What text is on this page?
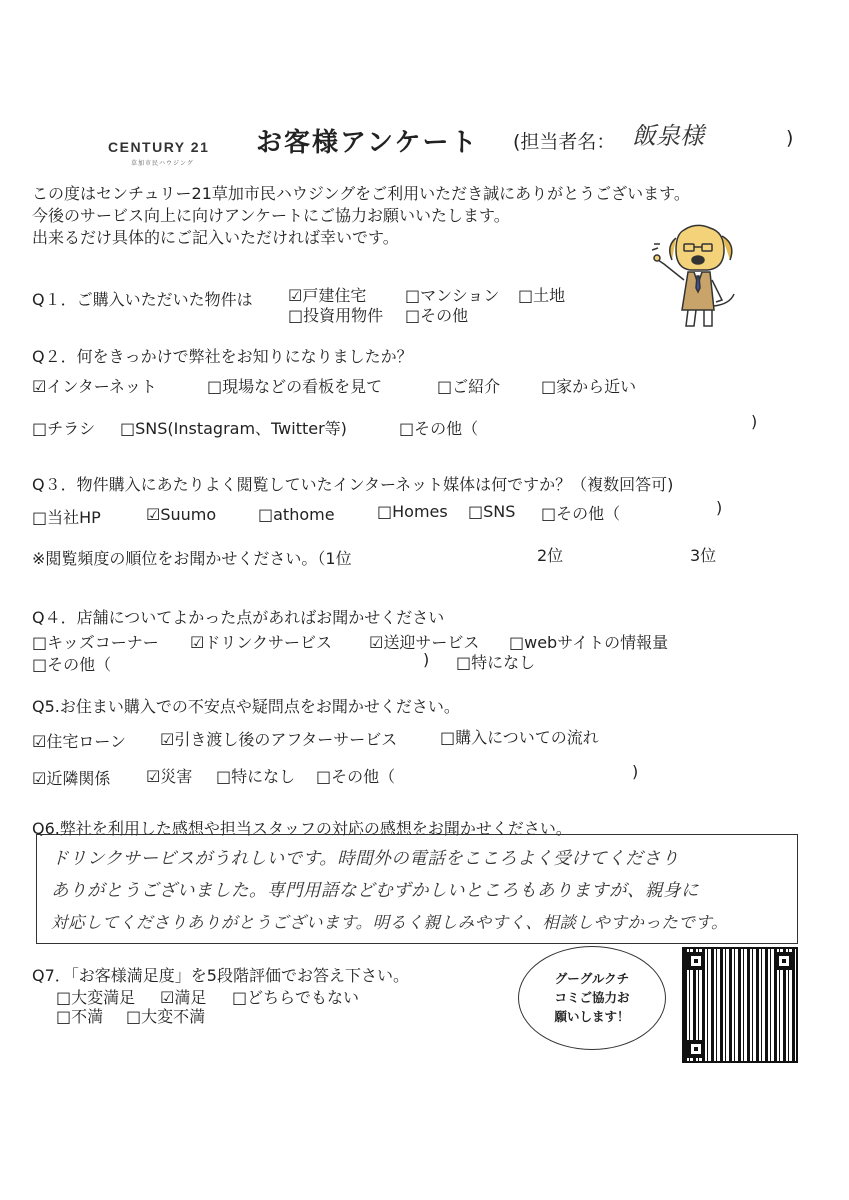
CENTURY 21
草加市民ハウジング
お客様アンケート (担当者名： 飯泉様	)
この度はセンチュリー21草加市民ハウジングをご利用いただき誠にありがとうございます。
今後のサービス向上に向けアンケートにご協力お願いいたします。
出来るだけ具体的にご記入いただければ幸いです。
Q１．ご購入いただいた物件は ☑戸建住宅 □マンション □土地
□投資用物件 □その他
Q２．何をきっかけで弊社をお知りになりましたか？
☑インターネット	□現場などの看板を見て	□ご紹介	□家から近い
□チラシ □SNS(Instagram、Twitter等)	□その他（	)
Q３．物件購入にあたりよく閲覧していたインターネット媒体は何ですか？（複数回答可)
□当社HP	☑Suumo	□athome	□Homes □SNS □その他（	)
※閲覧頻度の順位をお聞かせください。（1位	2位	3位
Q４．店舗についてよかった点があればお聞かせください
□キッズコーナー ☑ドリンクサービス ☑送迎サービス □webサイトの情報量
□その他（	) □特になし
Q5.お住まい購入での不安点や疑問点をお聞かせください。
☑住宅ローン ☑引き渡し後のアフターサービス	□購入についての流れ
☑近隣関係 ☑災害 □特になし □その他（	)
Q6.弊社を利用した感想や担当スタッフの対応の感想をお聞かせください。
ドリンクサービスがうれしいです。時間外の電話をこころよく受けてくださり
ありがとうございました。専門用語などむずかしいところもありますが、親身に
対応してくださりありがとうございます。明るく親しみやすく、相談しやすかったです。
Q7．「お客様満足度」を5段階評価でお答え下さい。
□大変満足 ☑満足 □どちらでもない
□不満 □大変不満
グーグルクチ
コミご協力お
願いします！
